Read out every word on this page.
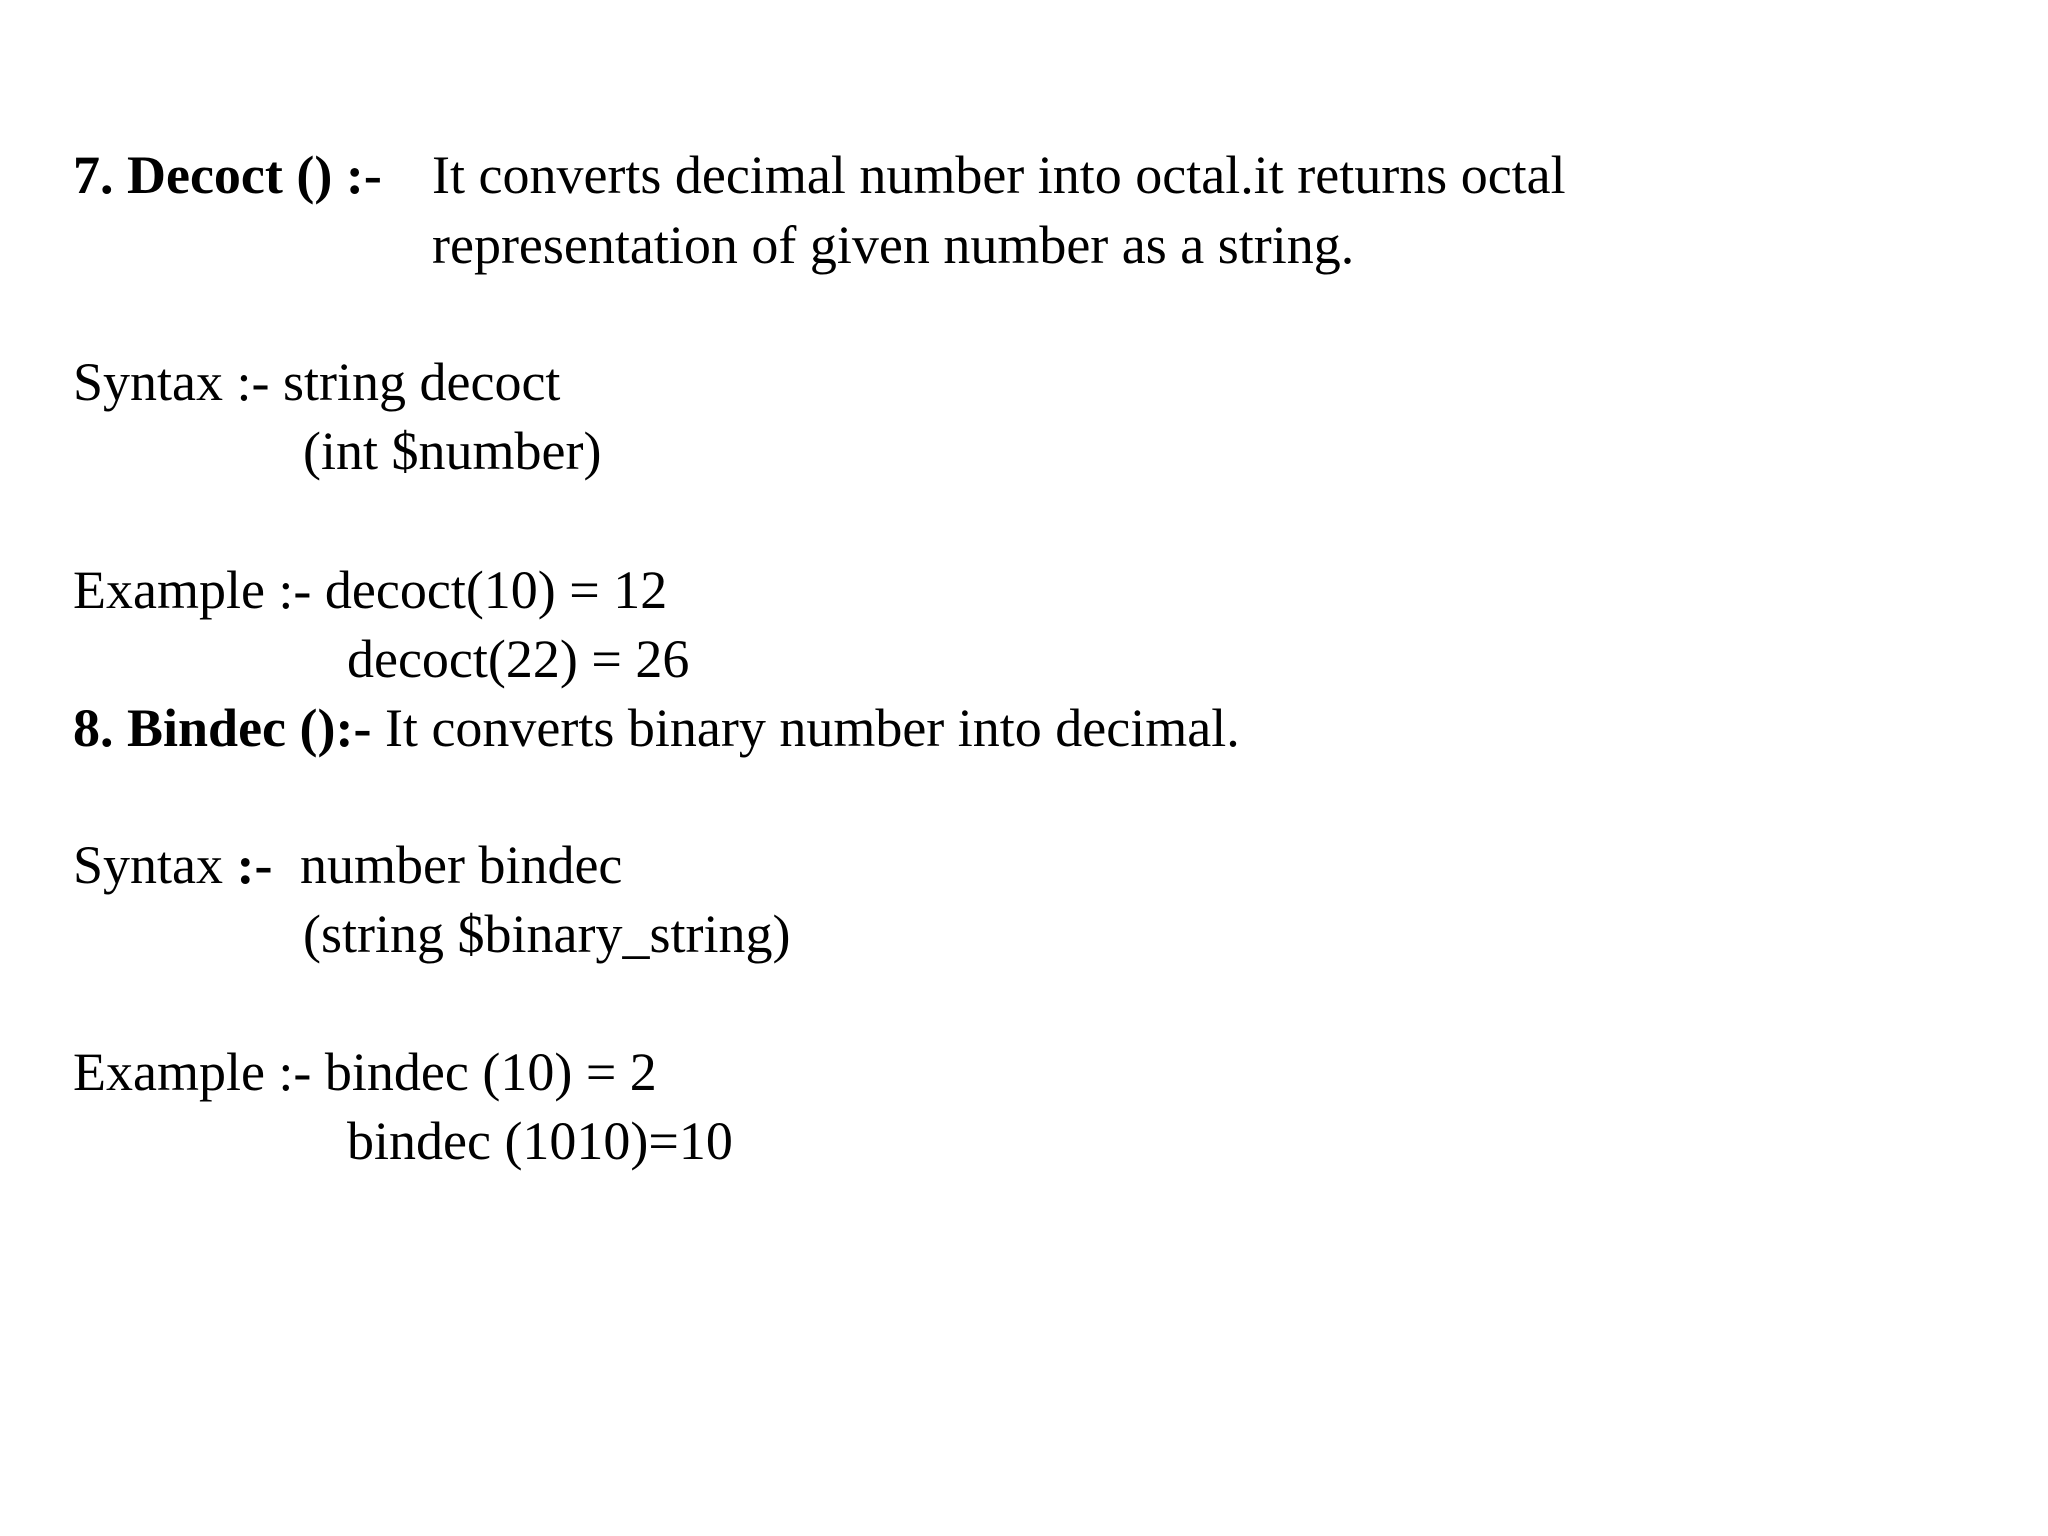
7. Decoct () :- It converts decimal number into octal.it returns octal
representation of given number as a string.
Syntax :- string decoct
(int $number)
Example :- decoct(10) = 12
decoct(22) = 26
8. Bindec ():- It converts binary number into decimal.
Syntax :- number bindec
(string $binary_string)
Example :- bindec (10) = 2
bindec (1010)=10
